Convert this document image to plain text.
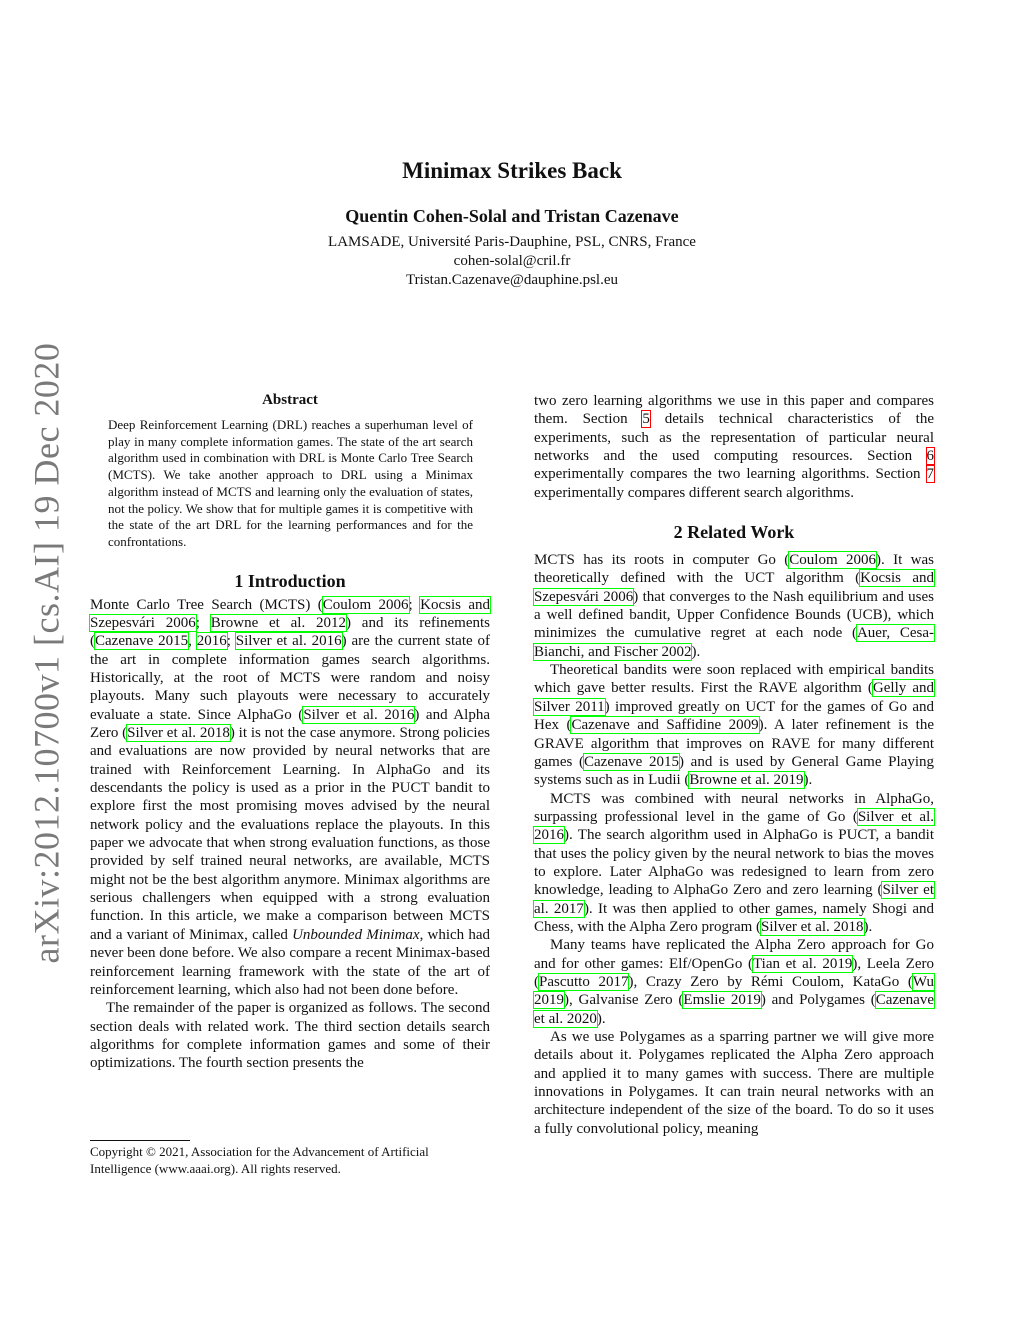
arXiv:2012.10700v1 [cs.AI] 19 Dec 2020
Minimax Strikes Back
Quentin Cohen-Solal and Tristan Cazenave
LAMSADE, Université Paris-Dauphine, PSL, CNRS, France
cohen-solal@cril.fr
Tristan.Cazenave@dauphine.psl.eu
Abstract
Deep Reinforcement Learning (DRL) reaches a superhuman level of play in many complete information games. The state of the art search algorithm used in combination with DRL is Monte Carlo Tree Search (MCTS). We take another approach to DRL using a Minimax algorithm instead of MCTS and learning only the evaluation of states, not the policy. We show that for multiple games it is competitive with the state of the art DRL for the learning performances and for the confrontations.
1 Introduction

Monte Carlo Tree Search (MCTS) (Coulom 2006; Kocsis and Szepesvári 2006; Browne et al. 2012) and its refinements (Cazenave 2015, 2016; Silver et al. 2016) are the current state of the art in complete information games search algorithms. Historically, at the root of MCTS were random and noisy playouts. Many such playouts were necessary to accurately evaluate a state. Since AlphaGo (Silver et al. 2016) and Alpha Zero (Silver et al. 2018) it is not the case anymore. Strong policies and evaluations are now provided by neural networks that are trained with Reinforcement Learning. In AlphaGo and its descendants the policy is used as a prior in the PUCT bandit to explore first the most promising moves advised by the neural network policy and the evaluations replace the playouts. In this paper we advocate that when strong evaluation functions, as those provided by self trained neural networks, are available, MCTS might not be the best algorithm anymore. Minimax algorithms are serious challengers when equipped with a strong evaluation function. In this article, we make a comparison between MCTS and a variant of Minimax, called Unbounded Minimax, which had never been done before. We also compare a recent Minimax-based reinforcement learning framework with the state of the art of reinforcement learning, which also had not been done before.

The remainder of the paper is organized as follows. The second section deals with related work. The third section details search algorithms for complete information games and some of their optimizations. The fourth section presents the

two zero learning algorithms we use in this paper and compares them. Section 5 details technical characteristics of the experiments, such as the representation of particular neural networks and the used computing resources. Section 6 experimentally compares the two learning algorithms. Section 7 experimentally compares different search algorithms.

2 Related Work

MCTS has its roots in computer Go (Coulom 2006). It was theoretically defined with the UCT algorithm (Kocsis and Szepesvári 2006) that converges to the Nash equilibrium and uses a well defined bandit, Upper Confidence Bounds (UCB), which minimizes the cumulative regret at each node (Auer, Cesa-Bianchi, and Fischer 2002).

Theoretical bandits were soon replaced with empirical bandits which gave better results. First the RAVE algorithm (Gelly and Silver 2011) improved greatly on UCT for the games of Go and Hex (Cazenave and Saffidine 2009). A later refinement is the GRAVE algorithm that improves on RAVE for many different games (Cazenave 2015) and is used by General Game Playing systems such as in Ludii (Browne et al. 2019).

MCTS was combined with neural networks in AlphaGo, surpassing professional level in the game of Go (Silver et al. 2016). The search algorithm used in AlphaGo is PUCT, a bandit that uses the policy given by the neural network to bias the moves to explore. Later AlphaGo was redesigned to learn from zero knowledge, leading to AlphaGo Zero and zero learning (Silver et al. 2017). It was then applied to other games, namely Shogi and Chess, with the Alpha Zero program (Silver et al. 2018).

Many teams have replicated the Alpha Zero approach for Go and for other games: Elf/OpenGo (Tian et al. 2019), Leela Zero (Pascutto 2017), Crazy Zero by Rémi Coulom, KataGo (Wu 2019), Galvanise Zero (Emslie 2019) and Polygames (Cazenave et al. 2020).

As we use Polygames as a sparring partner we will give more details about it. Polygames replicated the Alpha Zero approach and applied it to many games with success. There are multiple innovations in Polygames. It can train neural networks with an architecture independent of the size of the board. To do so it uses a fully convolutional policy, meaning

Copyright © 2021, Association for the Advancement of Artificial Intelligence (www.aaai.org). All rights reserved.
